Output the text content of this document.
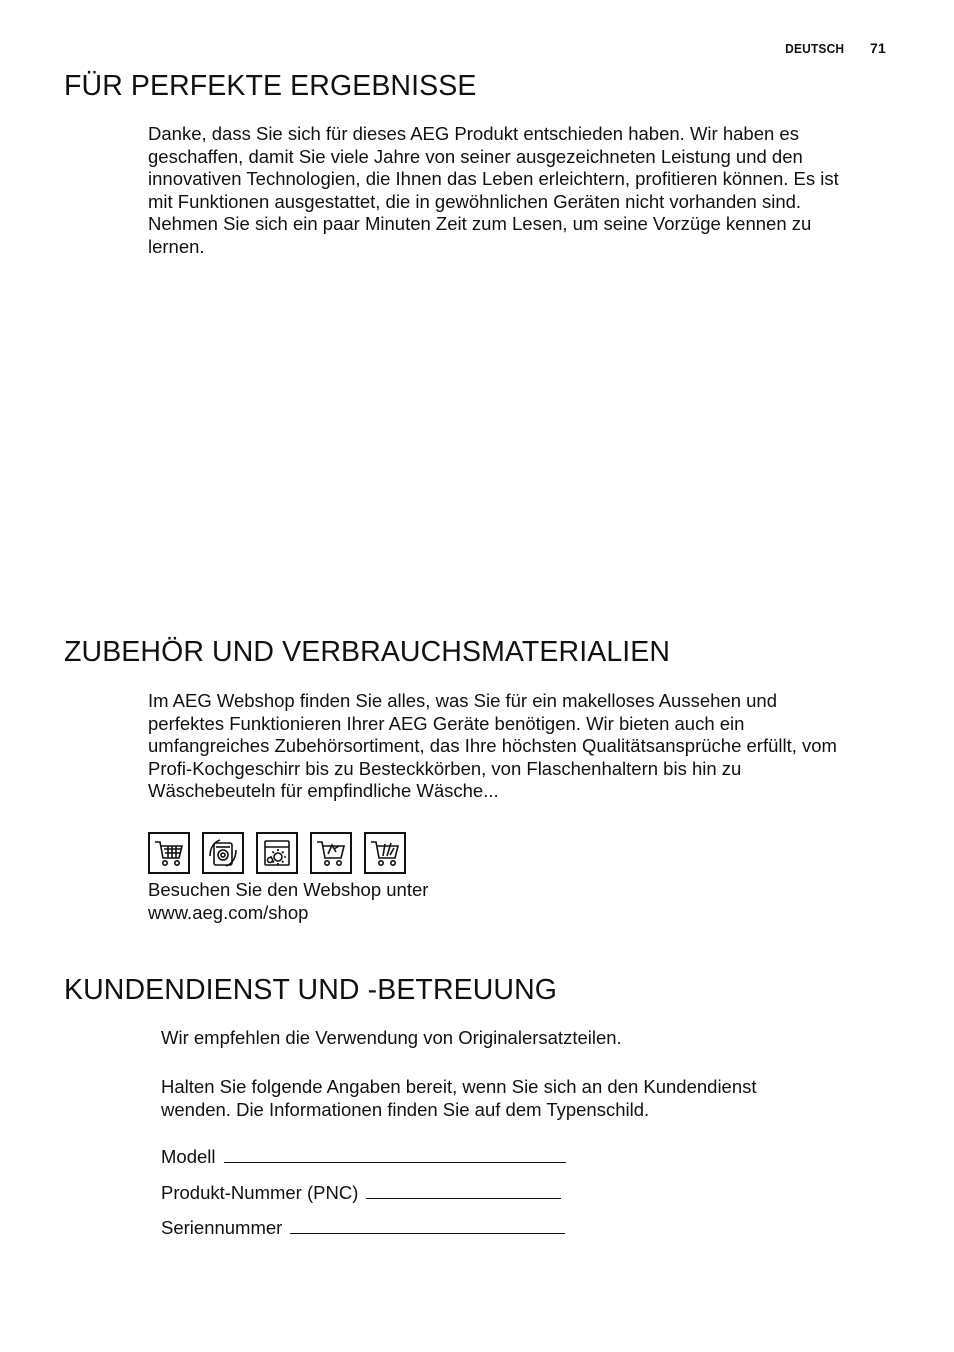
DEUTSCH 71
FÜR PERFEKTE ERGEBNISSE

Danke, dass Sie sich für dieses AEG Produkt entschieden haben. Wir haben es

geschaffen, damit Sie viele Jahre von seiner ausgezeichneten Leistung und den

innovativen Technologien, die Ihnen das Leben erleichtern, profitieren können. Es ist

mit Funktionen ausgestattet, die in gewöhnlichen Geräten nicht vorhanden sind.

Nehmen Sie sich ein paar Minuten Zeit zum Lesen, um seine Vorzüge kennen zu

lernen.

ZUBEHÖR UND VERBRAUCHSMATERIALIEN

Im AEG Webshop finden Sie alles, was Sie für ein makelloses Aussehen und

perfektes Funktionieren Ihrer AEG Geräte benötigen. Wir bieten auch ein

umfangreiches Zubehörsortiment, das Ihre höchsten Qualitätsansprüche erfüllt, vom

Profi-Kochgeschirr bis zu Besteckkörben, von Flaschenhaltern bis hin zu

Wäschebeuteln für empfindliche Wäsche...

Besuchen Sie den Webshop unter

www.aeg.com/shop

KUNDENDIENST UND -BETREUUNG

Wir empfehlen die Verwendung von Originalersatzteilen.

Halten Sie folgende Angaben bereit, wenn Sie sich an den Kundendienst

wenden. Die Informationen finden Sie auf dem Typenschild.

Modell
Produkt-Nummer (PNC)
Seriennummer
